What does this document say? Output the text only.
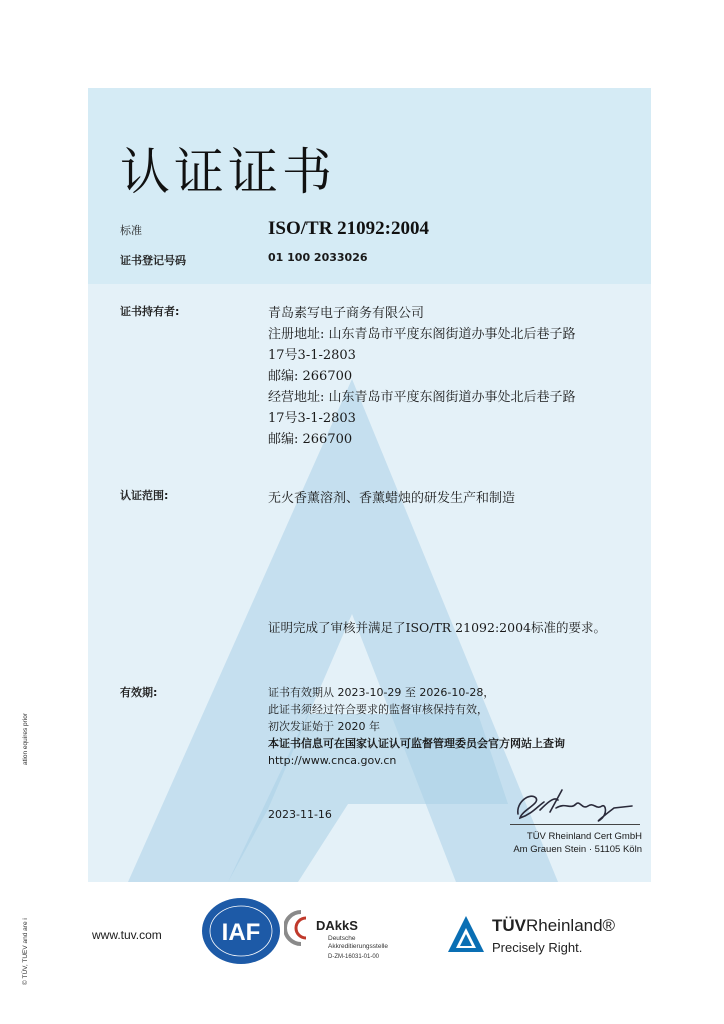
认证证书
标准	ISO/TR 21092:2004
证书登记号码	01 100 2033026
证书持有者:	青岛素写电子商务有限公司
注册地址: 山东青岛市平度东阁街道办事处北后巷子路
17号3-1-2803
邮编: 266700
经营地址: 山东青岛市平度东阁街道办事处北后巷子路
17号3-1-2803
邮编: 266700
认证范围:	无火香薰溶剂、香薰蜡烛的研发生产和制造
证明完成了审核并满足了ISO/TR 21092:2004标准的要求。
有效期:	证书有效期从 2023-10-29 至 2026-10-28，
此证书须经过符合要求的监督审核保持有效，
初次发证始于 2020 年
本证书信息可在国家认证认可监督管理委员会官方网站上查询
http://www.cnca.gov.cn
2023-11-16
TÜV Rheinland Cert GmbH
Am Grauen Stein · 51105 Köln
ation equires prior
© TÜV, TUEV and are i	www.tuv.com IAF	DAkkS
Deutsche
Akkreditierungsstelle
D-ZM-16031-01-00
TÜVRheinland®
Precisely Right.
